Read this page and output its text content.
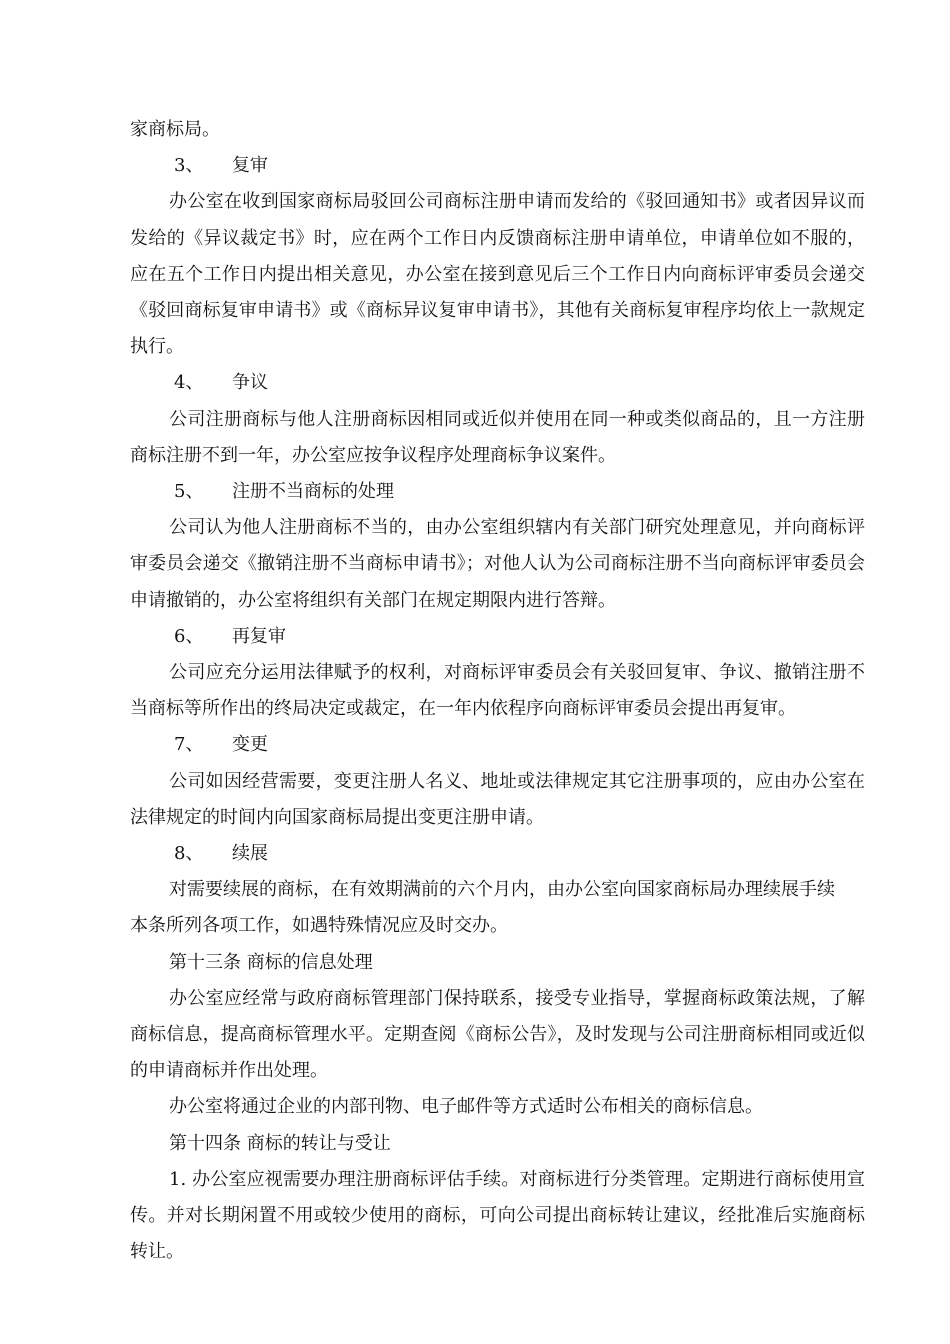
家商标局。

3、 复审

办公室在收到国家商标局驳回公司商标注册申请而发给的《驳回通知书》或者因异议而发给的《异议裁定书》时，应在两个工作日内反馈商标注册申请单位，申请单位如不服的，应在五个工作日内提出相关意见，办公室在接到意见后三个工作日内向商标评审委员会递交《驳回商标复审申请书》或《商标异议复审申请书》，其他有关商标复审程序均依上一款规定执行。

4、 争议

公司注册商标与他人注册商标因相同或近似并使用在同一种或类似商品的，且一方注册商标注册不到一年，办公室应按争议程序处理商标争议案件。

5、 注册不当商标的处理

公司认为他人注册商标不当的，由办公室组织辖内有关部门研究处理意见，并向商标评审委员会递交《撤销注册不当商标申请书》；对他人认为公司商标注册不当向商标评审委员会申请撤销的，办公室将组织有关部门在规定期限内进行答辩。

6、 再复审

公司应充分运用法律赋予的权利，对商标评审委员会有关驳回复审、争议、撤销注册不当商标等所作出的终局决定或裁定，在一年内依程序向商标评审委员会提出再复审。

7、 变更

公司如因经营需要，变更注册人名义、地址或法律规定其它注册事项的，应由办公室在法律规定的时间内向国家商标局提出变更注册申请。

8、 续展

对需要续展的商标，在有效期满前的六个月内，由办公室向国家商标局办理续展手续

本条所列各项工作，如遇特殊情况应及时交办。

第十三条 商标的信息处理

办公室应经常与政府商标管理部门保持联系，接受专业指导，掌握商标政策法规，了解商标信息，提高商标管理水平。定期查阅《商标公告》，及时发现与公司注册商标相同或近似的申请商标并作出处理。

办公室将通过企业的内部刊物、电子邮件等方式适时公布相关的商标信息。

第十四条 商标的转让与受让

1. 办公室应视需要办理注册商标评估手续。对商标进行分类管理。定期进行商标使用宣传。并对长期闲置不用或较少使用的商标，可向公司提出商标转让建议，经批准后实施商标转让。
